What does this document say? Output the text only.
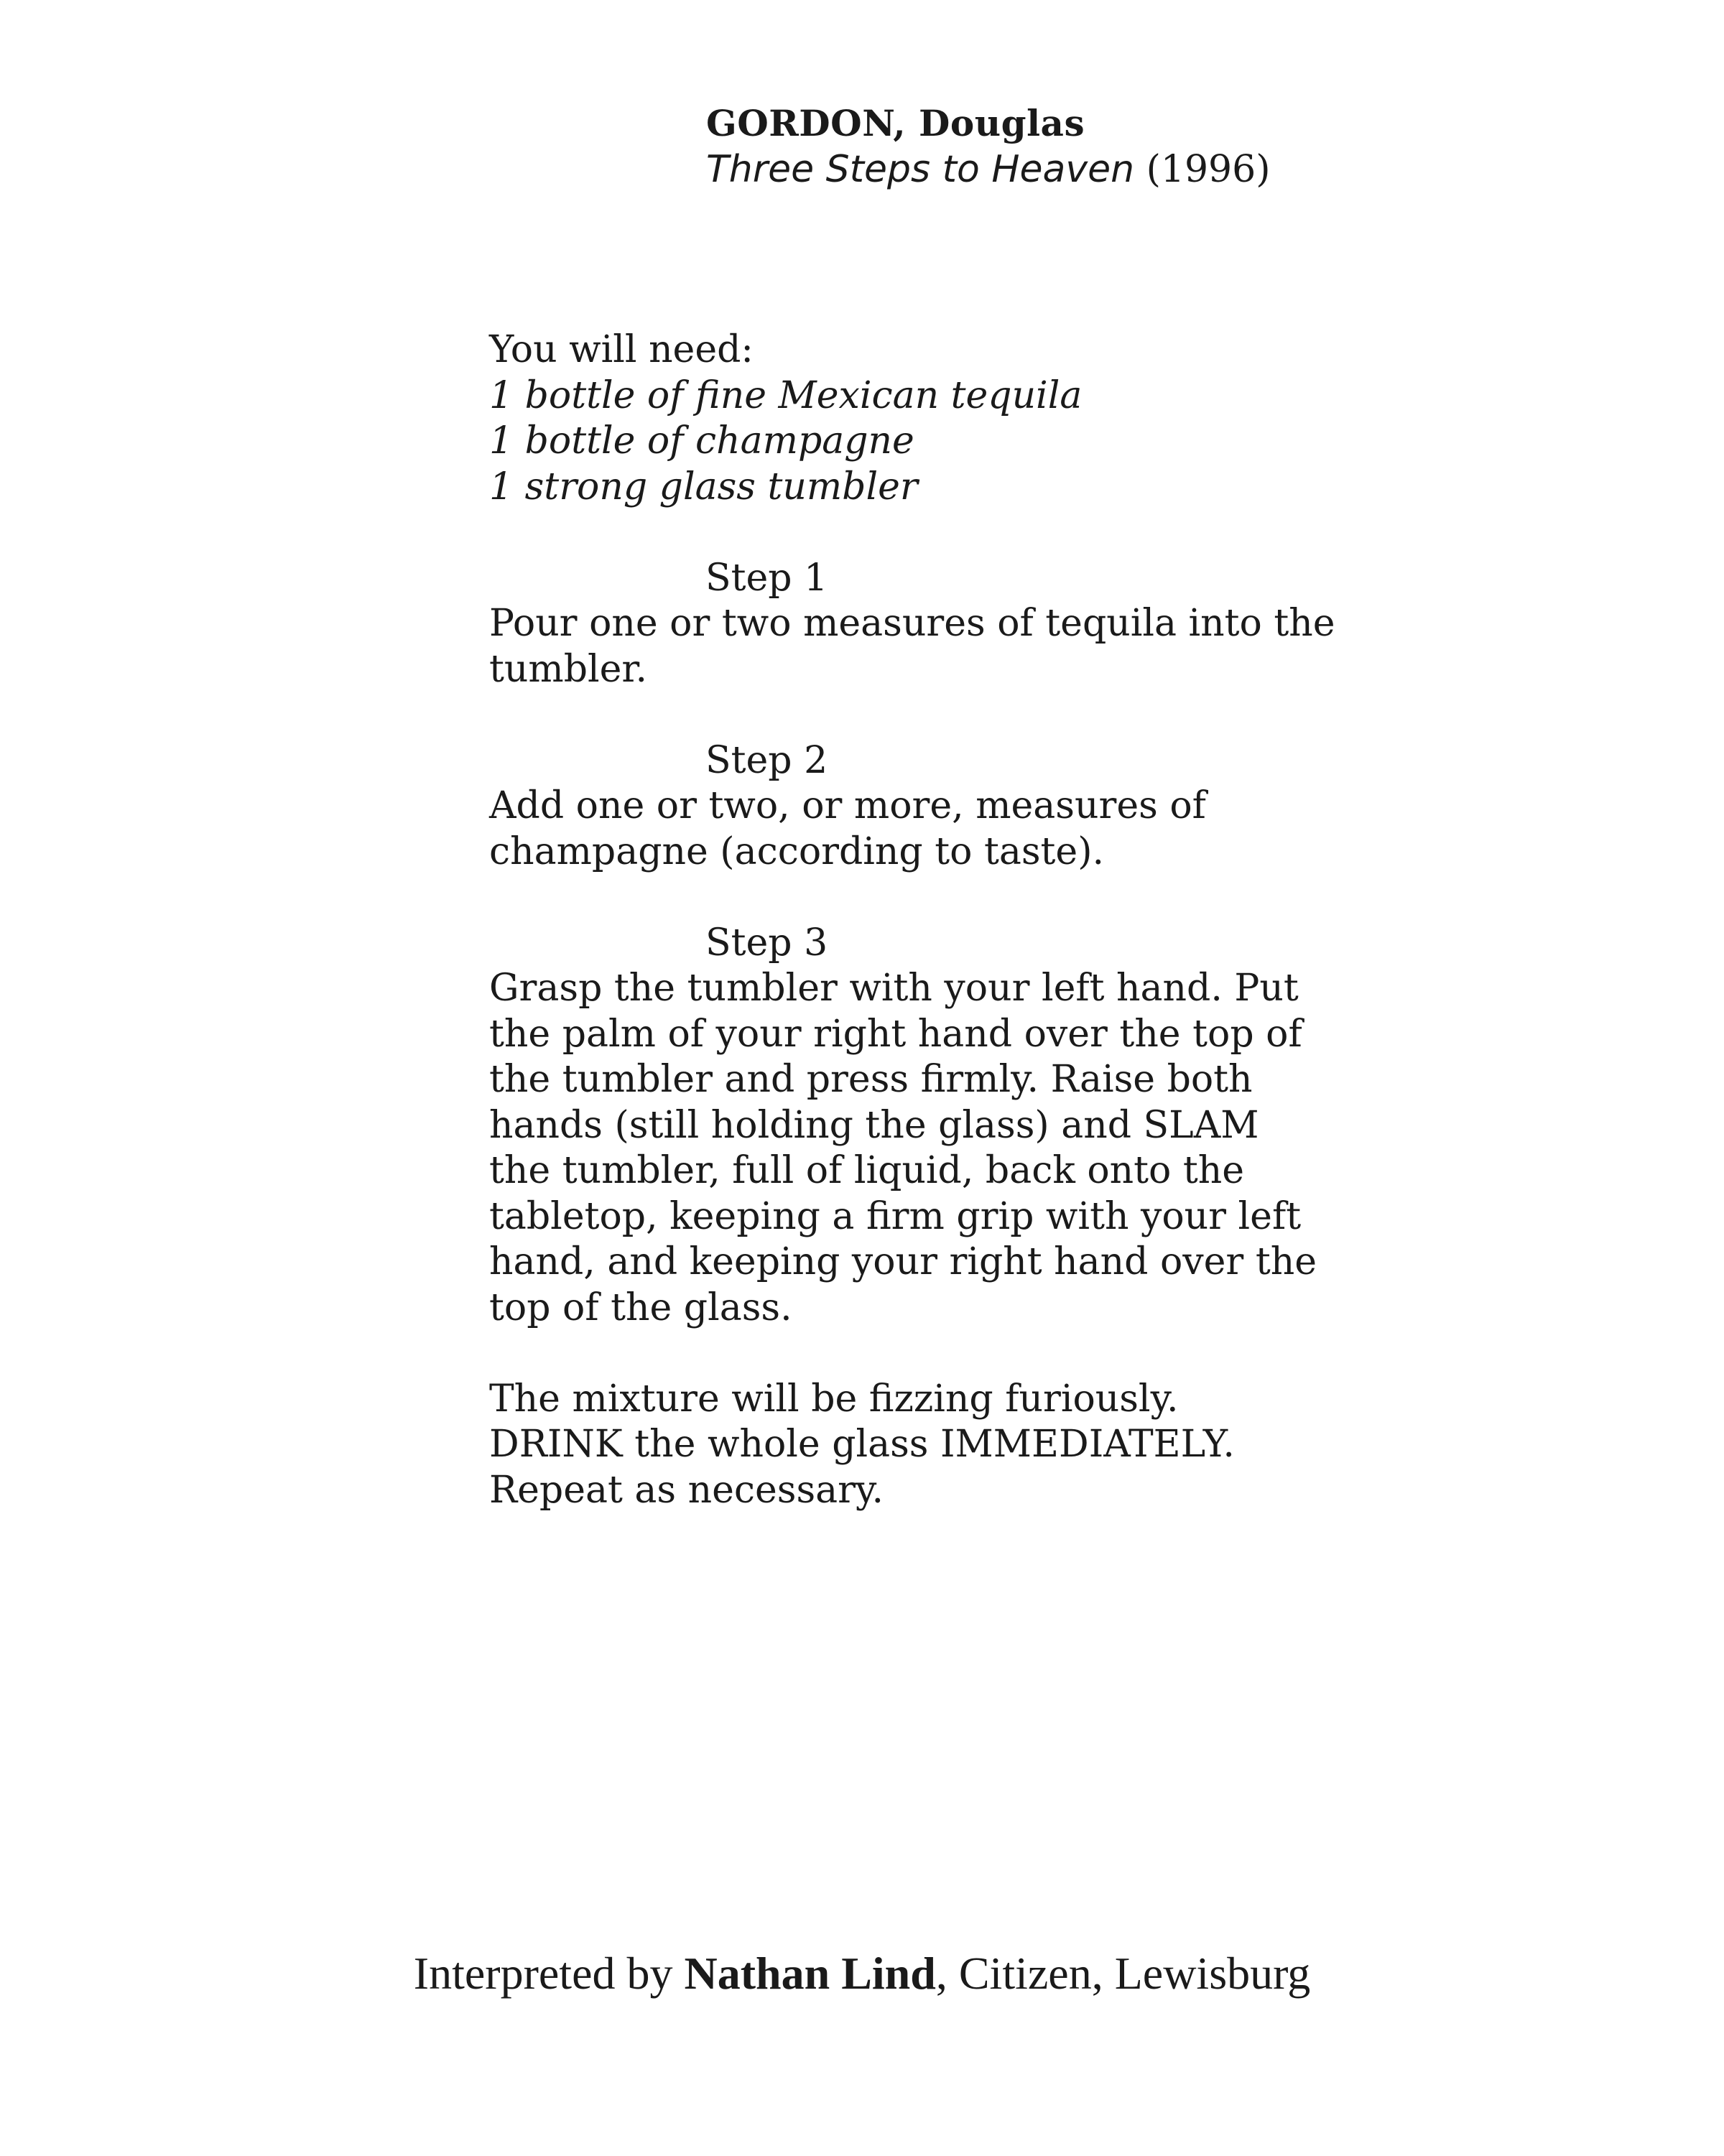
GORDON, Douglas
Three Steps to Heaven (1996)
You will need:
1 bottle of fine Mexican tequila
1 bottle of champagne
1 strong glass tumbler
Step 1
Pour one or two measures of tequila into the
tumbler.
Step 2
Add one or two, or more, measures of
champagne (according to taste).
Step 3
Grasp the tumbler with your left hand. Put
the palm of your right hand over the top of
the tumbler and press firmly. Raise both
hands (still holding the glass) and SLAM
the tumbler, full of liquid, back onto the
tabletop, keeping a firm grip with your left
hand, and keeping your right hand over the
top of the glass.
The mixture will be fizzing furiously.
DRINK the whole glass IMMEDIATELY.
Repeat as necessary.
Interpreted by Nathan Lind, Citizen, Lewisburg
